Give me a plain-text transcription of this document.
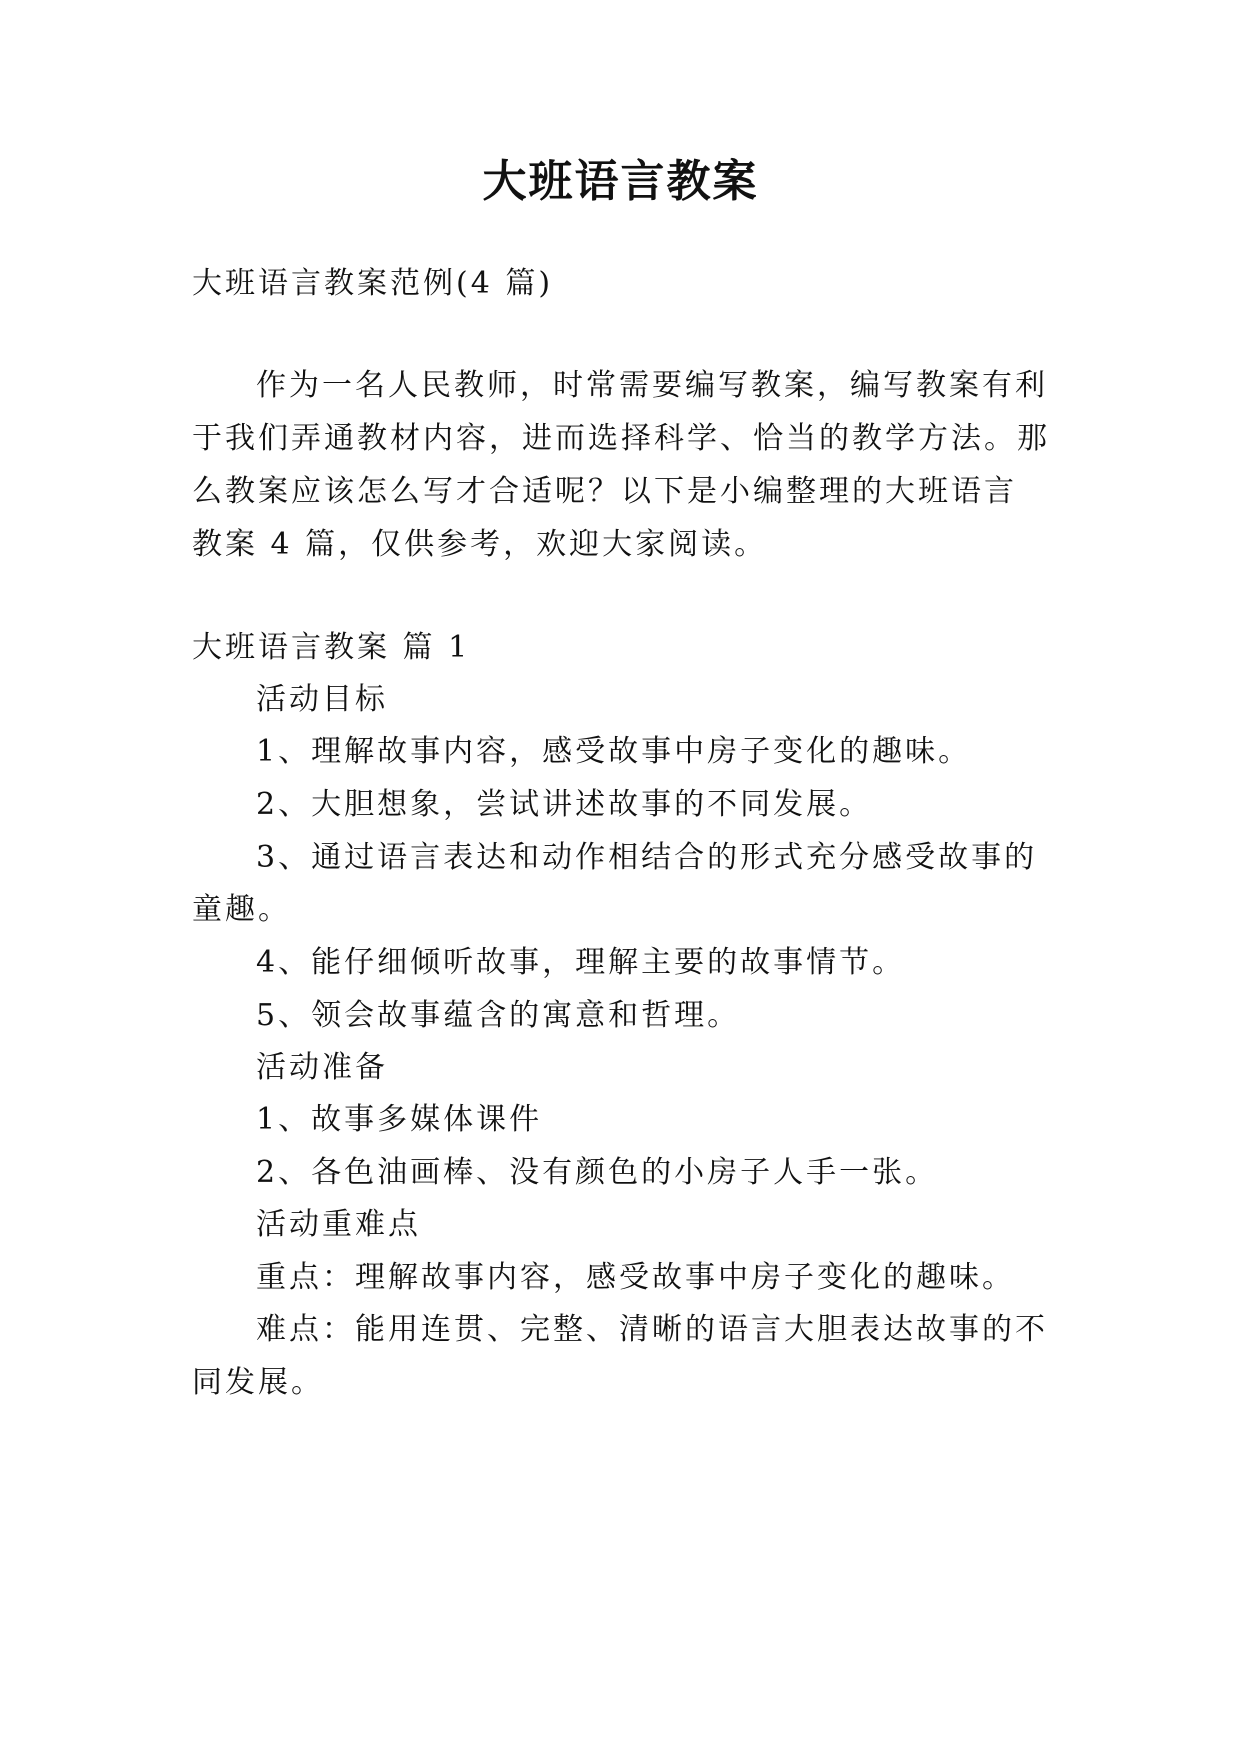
大班语言教案
大班语言教案范例(4 篇)
作为一名人民教师，时常需要编写教案，编写教案有利
于我们弄通教材内容，进而选择科学、恰当的教学方法。那
么教案应该怎么写才合适呢？以下是小编整理的大班语言
教案 4 篇，仅供参考，欢迎大家阅读。
大班语言教案 篇 1
活动目标
1、理解故事内容，感受故事中房子变化的趣味。
2、大胆想象，尝试讲述故事的不同发展。
3、通过语言表达和动作相结合的形式充分感受故事的
童趣。
4、能仔细倾听故事，理解主要的故事情节。
5、领会故事蕴含的寓意和哲理。
活动准备
1、故事多媒体课件
2、各色油画棒、没有颜色的小房子人手一张。
活动重难点
重点：理解故事内容，感受故事中房子变化的趣味。
难点：能用连贯、完整、清晰的语言大胆表达故事的不
同发展。
